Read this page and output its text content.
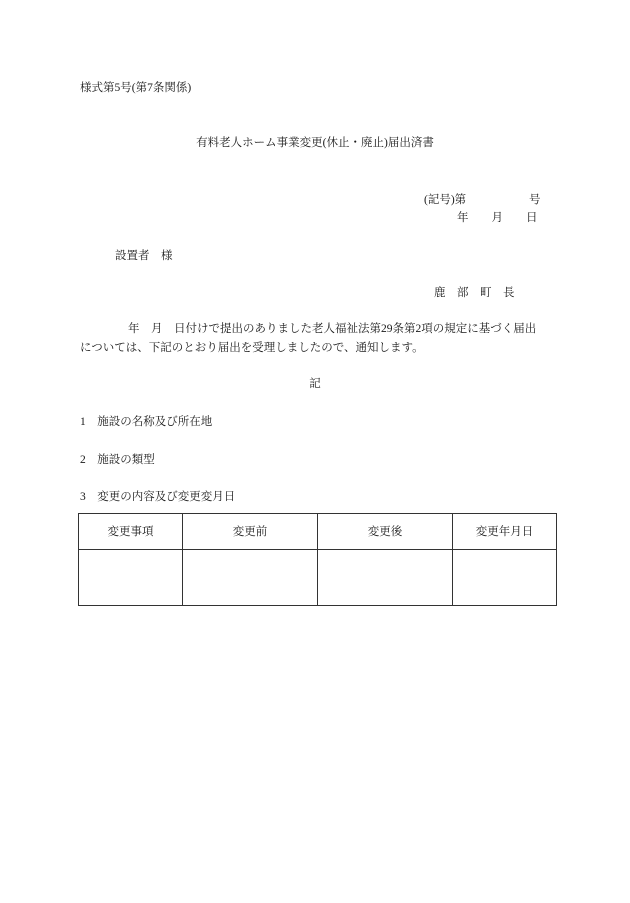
様式第5号(第7条関係)
有料老人ホーム事業変更(休止・廃止)届出済書
(記号)第	号
年　　月　　日
設置者　様
鹿　部　町　長
年　月　日付けで提出のありました老人福祉法第29条第2項の規定に基づく届出
については、下記のとおり届出を受理しましたので、通知します。
記
1　施設の名称及び所在地
2　施設の類型
3　変更の内容及び変更変月日
変更事項	変更前	変更後	変更年月日
